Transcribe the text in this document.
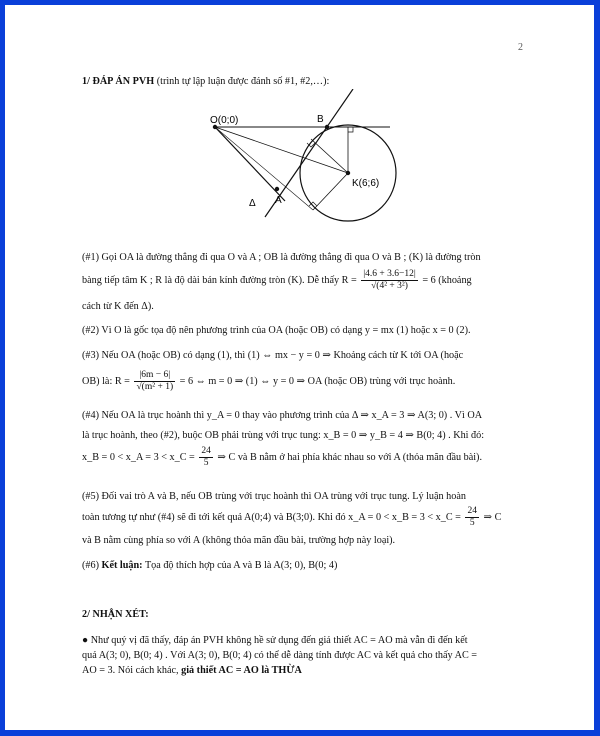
2
1/ ĐÁP ÁN PVH (trình tự lập luận được đánh số #1, #2,…):
O(0;0)	B
K(6;6)
A
Δ
(#1) Gọi OA là đường thẳng đi qua O và A ; OB là đường thẳng đi qua O và B ; (K) là đường tròn
bàng tiếp tâm K ; R là độ dài bán kính đường tròn (K). Dễ thấy $R = \frac{|4.6 + 3.6-12|}{\text{√(4² + 3²)}} = 6$ (khoảng
cách từ K đến Δ).
(#2) Vì O là gốc tọa độ nên phương trình của OA (hoặc OB) có dạng y = mx (1) hoặc x = 0 (2).
(#3) Nếu OA (hoặc OB) có dạng (1), thì (1) ⇔ mx − y = 0 ⇒ Khoảng cách từ K tới OA (hoặc
OB) là: $R = \frac{|6m - 6|}{\text{√(m² + 1)}} = 6$ ⇔ m = 0 ⇒ (1) ⇔ y = 0 ⇒ OA (hoặc OB) trùng với trục hoành.
(#4) Nếu OA là trục hoành thì y_A = 0 thay vào phương trình của Δ ⇒ x_A = 3 ⇒ A(3; 0) . Vì OA
là trục hoành, theo (#2), buộc OB phải trùng với trục tung: x_B = 0 ⇒ y_B = 4 ⇒ B(0; 4) . Khi đó:
x_B = 0 < x_A = 3 < x_C = $\frac{24}{5}$ ⇒ C và B nằm ở hai phía khác nhau so với A (thỏa mãn đầu bài).
(#5) Đối vai trò A và B, nếu OB trùng với trục hoành thì OA trùng với trục tung. Lý luận hoàn
toàn tương tự như (#4) sẽ đi tới kết quả A(0;4) và B(3;0). Khi đó x_A = 0 < x_B = 3 < x_C = $\frac{24}{5}$ ⇒ C
và B nằm cùng phía so với A (không thỏa mãn đầu bài, trường hợp này loại).
(#6) Kết luận: Tọa độ thích hợp của A và B là A(3; 0), B(0; 4)
2/ NHẬN XÉT:
● Như quý vị đã thấy, đáp án PVH không hề sử dụng đến giả thiết AC = AO mà vẫn đi đến kết
quả A(3; 0), B(0; 4) . Với A(3; 0), B(0; 4) có thể dễ dàng tính được AC và kết quả cho thấy AC =
AO = 3. Nói cách khác, giả thiết AC = AO là THỪA
